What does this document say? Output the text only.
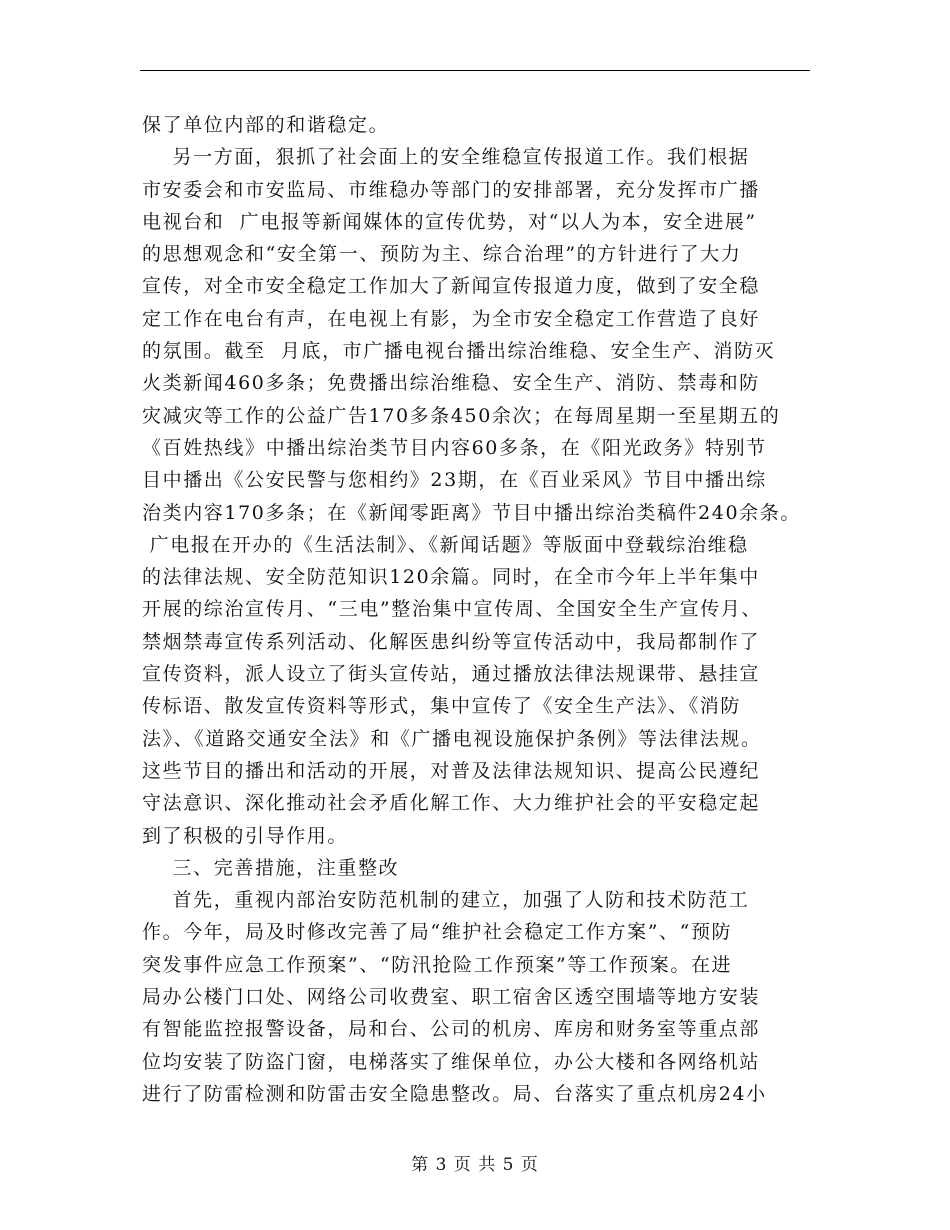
保了单位内部的和谐稳定。
另一方面，狠抓了社会面上的安全维稳宣传报道工作。我们根据
市安委会和市安监局、市维稳办等部门的安排部署，充分发挥市广播
电视台和  广电报等新闻媒体的宣传优势，对“以人为本，安全进展”
的思想观念和“安全第一、预防为主、综合治理”的方针进行了大力
宣传，对全市安全稳定工作加大了新闻宣传报道力度，做到了安全稳
定工作在电台有声，在电视上有影，为全市安全稳定工作营造了良好
的氛围。截至  月底，市广播电视台播出综治维稳、安全生产、消防灭
火类新闻460多条；免费播出综治维稳、安全生产、消防、禁毒和防
灾减灾等工作的公益广告170多条450余次；在每周星期一至星期五的
《百姓热线》中播出综治类节目内容60多条，在《阳光政务》特别节
目中播出《公安民警与您相约》23期，在《百业采风》节目中播出综
治类内容170多条；在《新闻零距离》节目中播出综治类稿件240余条。
广电报在开办的《生活法制》、《新闻话题》等版面中登载综治维稳
的法律法规、安全防范知识120余篇。同时，在全市今年上半年集中
开展的综治宣传月、“三电”整治集中宣传周、全国安全生产宣传月、
禁烟禁毒宣传系列活动、化解医患纠纷等宣传活动中，我局都制作了
宣传资料，派人设立了街头宣传站，通过播放法律法规课带、悬挂宣
传标语、散发宣传资料等形式，集中宣传了《安全生产法》、《消防
法》、《道路交通安全法》和《广播电视设施保护条例》等法律法规。
这些节目的播出和活动的开展，对普及法律法规知识、提高公民遵纪
守法意识、深化推动社会矛盾化解工作、大力维护社会的平安稳定起
到了积极的引导作用。
三、完善措施，注重整改
首先，重视内部治安防范机制的建立，加强了人防和技术防范工
作。今年，局及时修改完善了局“维护社会稳定工作方案”、“预防
突发事件应急工作预案”、“防汛抢险工作预案”等工作预案。在进
局办公楼门口处、网络公司收费室、职工宿舍区透空围墙等地方安装
有智能监控报警设备，局和台、公司的机房、库房和财务室等重点部
位均安装了防盗门窗，电梯落实了维保单位，办公大楼和各网络机站
进行了防雷检测和防雷击安全隐患整改。局、台落实了重点机房24小
第 3 页 共 5 页
